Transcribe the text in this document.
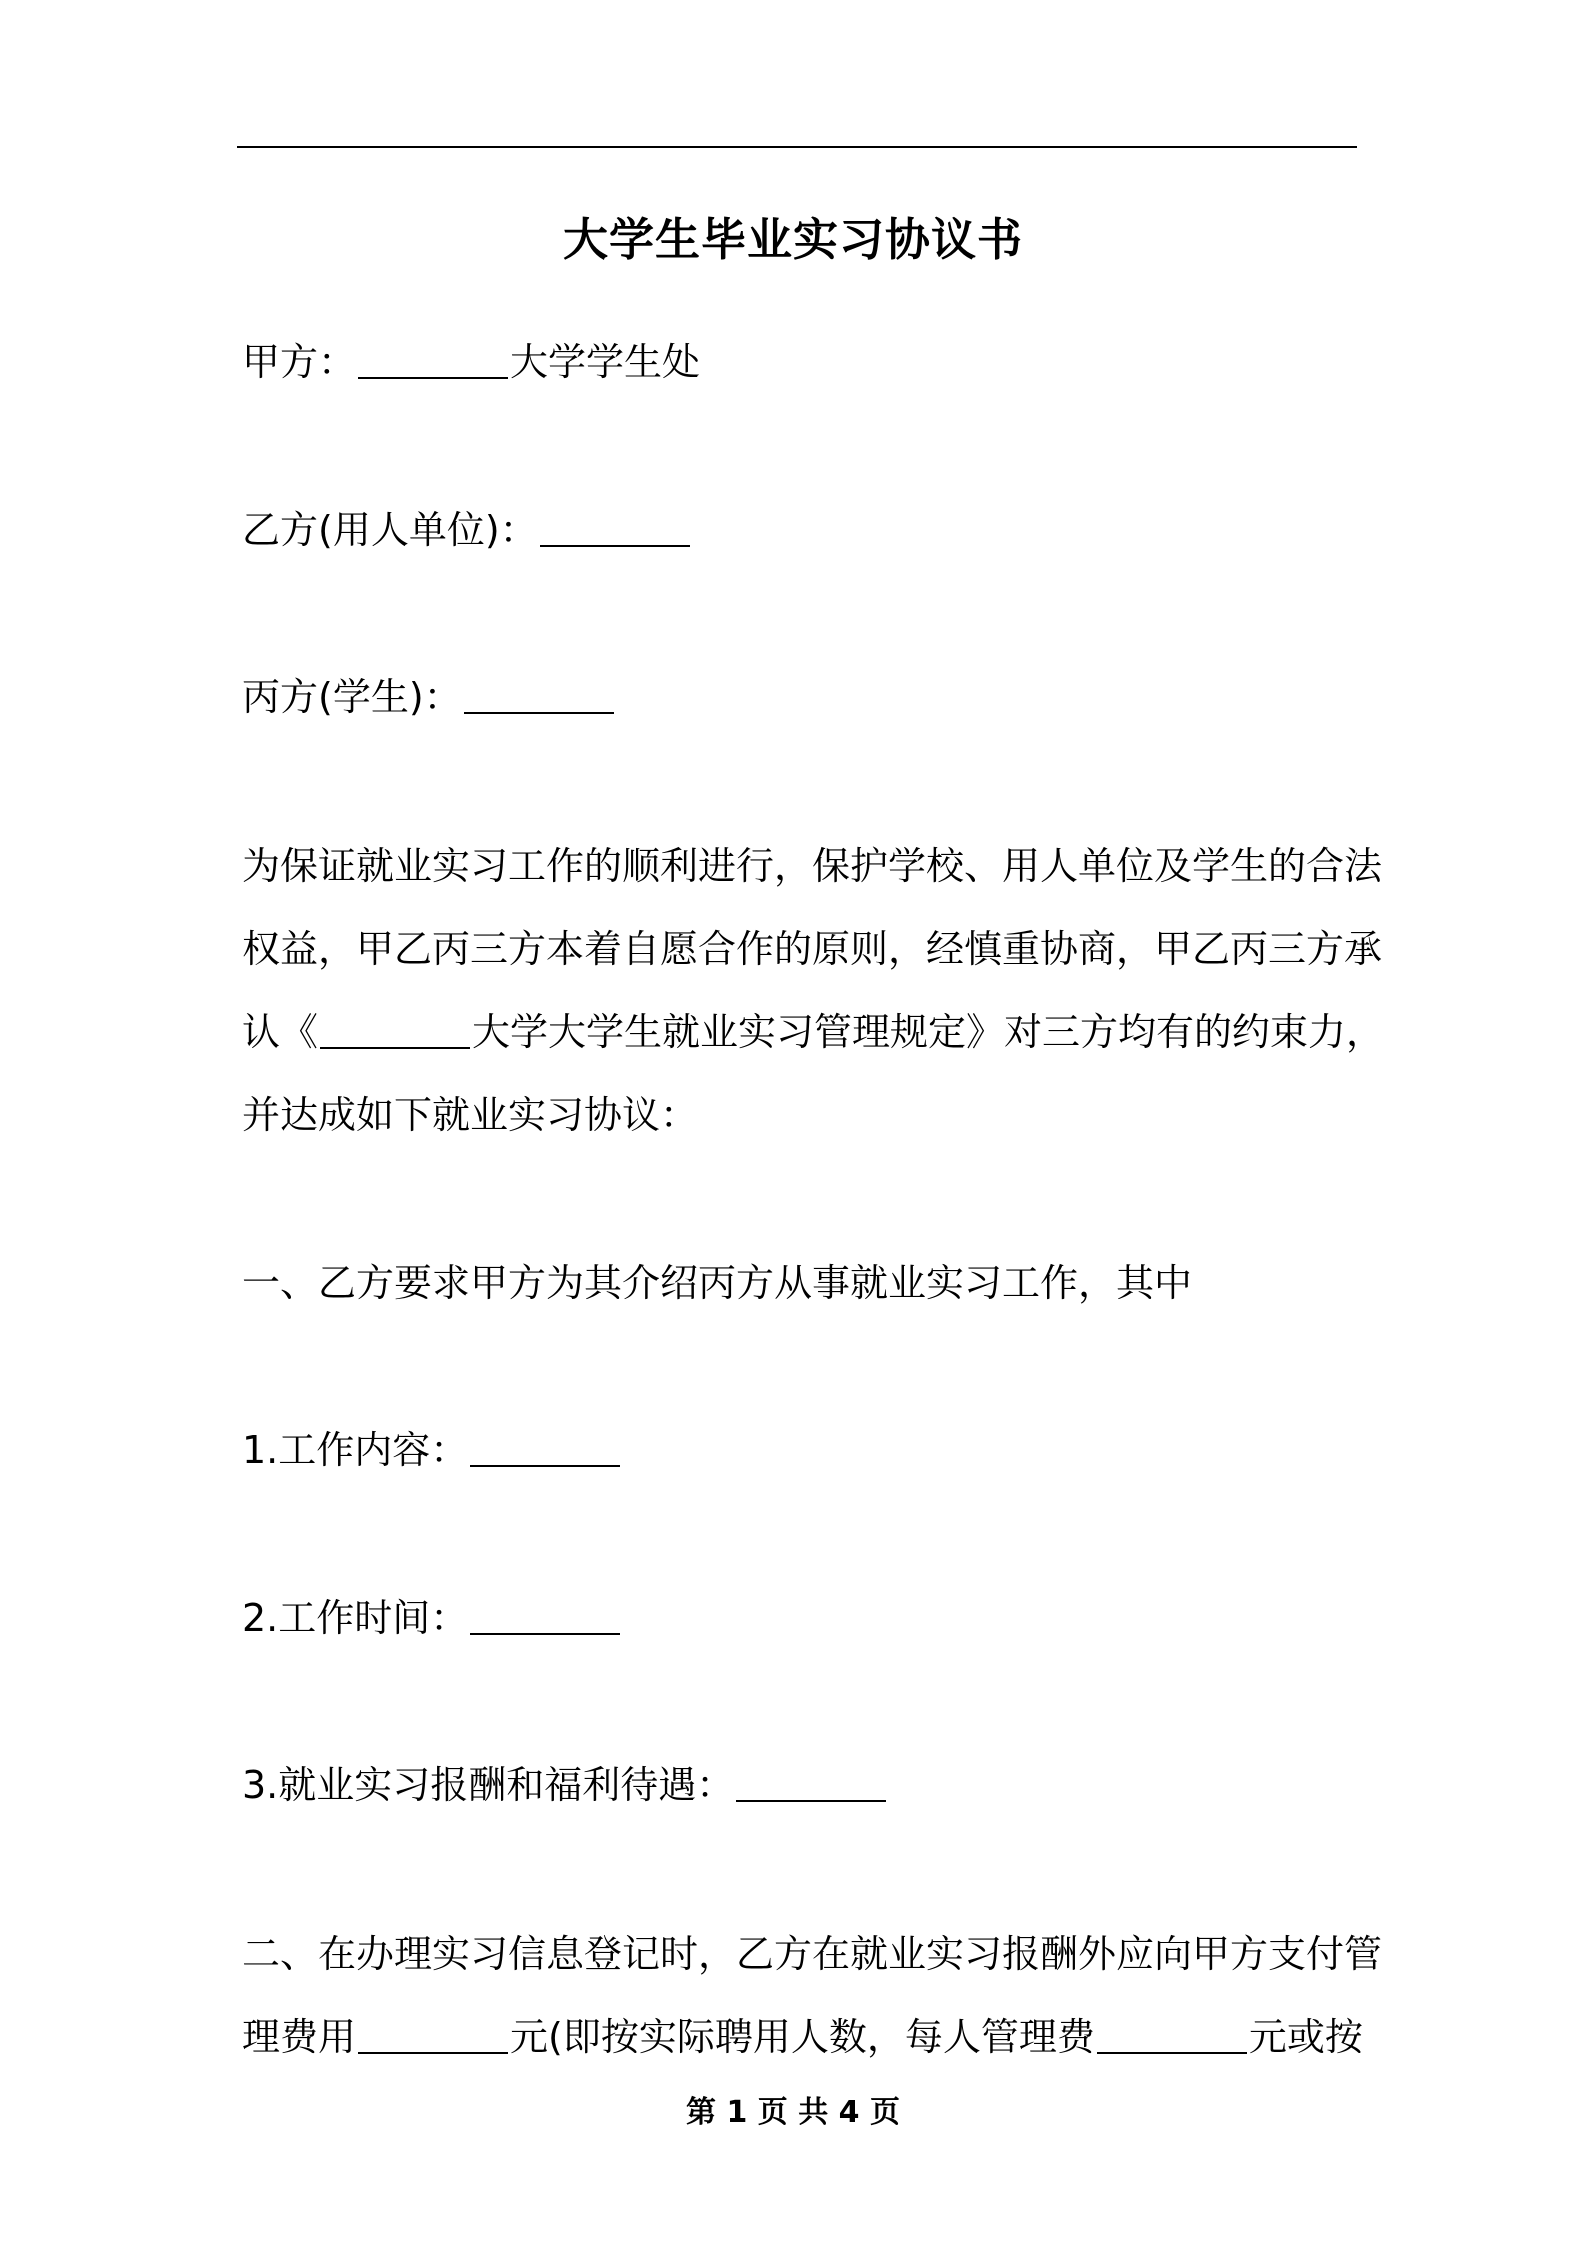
大学生毕业实习协议书
甲方：	大学学生处
乙方(用人单位)：
丙方(学生)：
为保证就业实习工作的顺利进行，保护学校、用人单位及学生的合法
权益，甲乙丙三方本着自愿合作的原则，经慎重协商，甲乙丙三方承
认《	大学大学生就业实习管理规定》对三方均有的约束力，
并达成如下就业实习协议：
一、乙方要求甲方为其介绍丙方从事就业实习工作，其中
1.工作内容：
2.工作时间：
3.就业实习报酬和福利待遇：
二、在办理实习信息登记时，乙方在就业实习报酬外应向甲方支付管
理费用	元(即按实际聘用人数，每人管理费	元或按
第 1 页 共 4 页
